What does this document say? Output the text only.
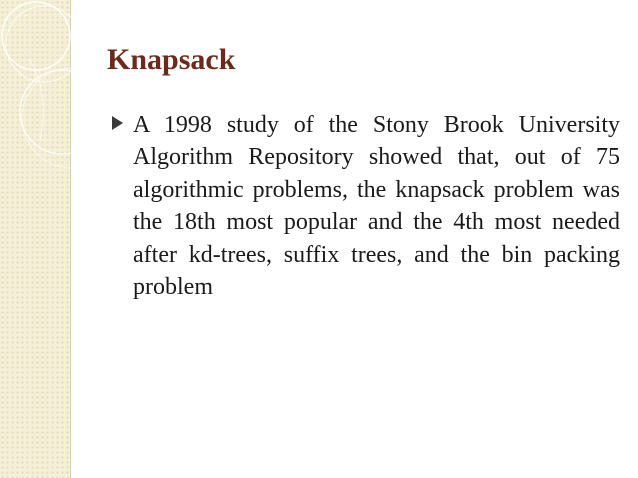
Knapsack
A 1998 study of the Stony Brook University Algorithm Repository showed that, out of 75 algorithmic problems, the knapsack problem was the 18th most popular and the 4th most needed after kd-trees, suffix trees, and the bin packing problem
